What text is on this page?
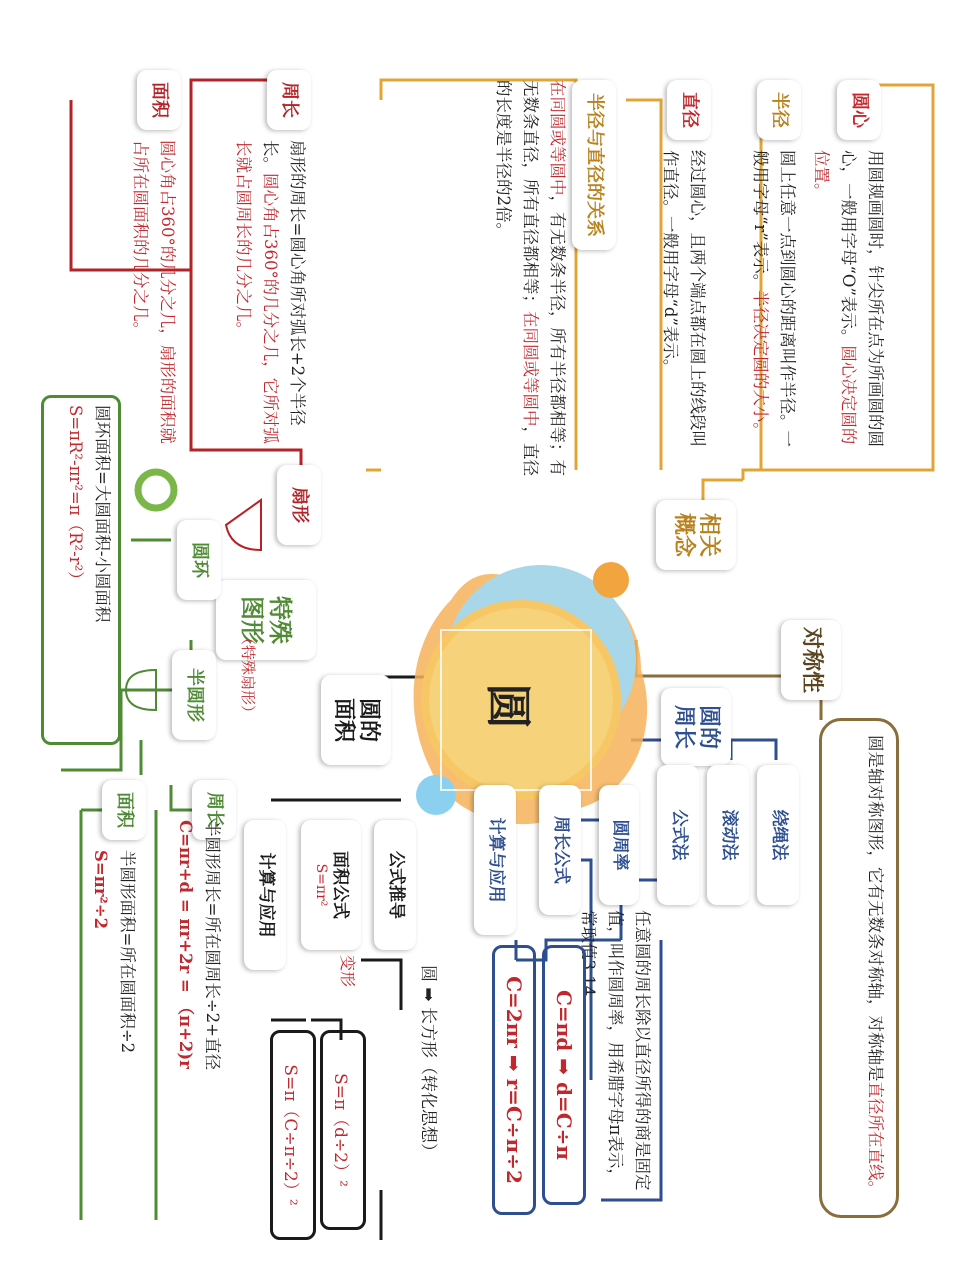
圆
相关概念
圆心
用圆规画圆时，针尖所在点为所画圆的圆心，一般用字母“O”表示。圆心决定圆的位置。
半径
圆上任意一点到圆心的距离叫作半径。一般用字母“r”表示。半径决定圆的大小。
直径
经过圆心，且两个端点都在圆上的线段叫作直径。一般用字母“d”表示。
半径与直径的关系
在同圆或等圆中，有无数条半径，所有半径都相等；有无数条直径，所有直径都相等；在同圆或等圆中，直径的长度是半径的2倍。
对称性
圆是轴对称图形，它有无数条对称轴，对称轴是直径所在直线。
圆的周长
绕绳法
滚动法
公式法
圆周率
任意圆的周长除以直径所得的商是固定值，叫作圆周率，用希腊字母π表示，常取值3.14
周长公式
C=πd ➡ d=C÷π
C=2πr ➡ r=C÷π÷2
计算与应用
圆的面积
公式推导
圆 ➡ 长方形（转化思想）
面积公式
S=πr²
变形
S=π（d÷2）²
S=π（C÷π÷2）²
计算与应用
特殊图形
扇形
周长
扇形的周长=圆心角所对弧长+2个半径长。圆心角占360°的几分之几，它所对弧长就占圆周长的几分之几。
面积
圆心角占360°的几分之几，扇形的面积就占所在圆面积的几分之几。
圆环
圆环面积=大圆面积-小圆面积
S=πR²-πr²=π（R²-r²）
半圆形	（特殊扇形）
周长
半圆形周长=所在圆周长÷2+直径
C=πr+d = πr+2r = （π+2)r
面积
半圆形面积=所在圆面积÷2
S=πr²÷2
